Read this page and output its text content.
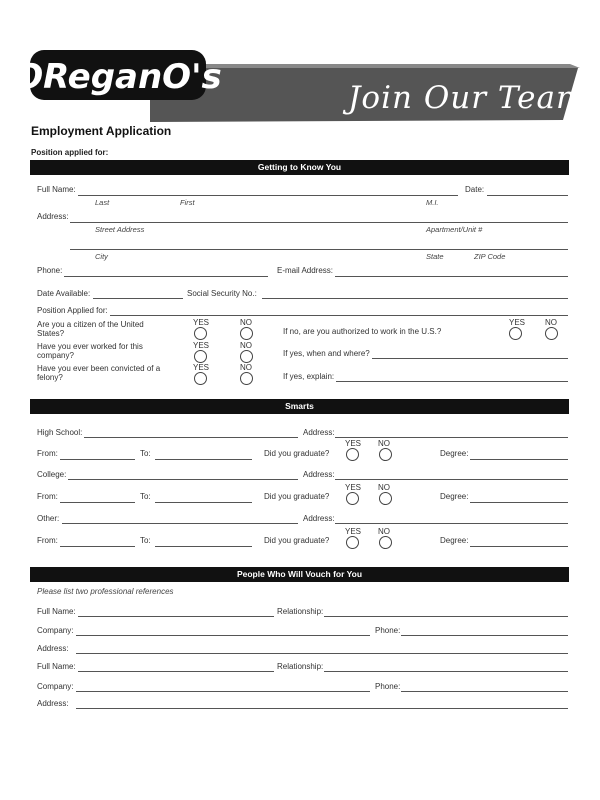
OReganO's
Join Our Team
Employment Application
Position applied for:
Getting to Know You
Full Name:	Date:
Last	First	M.I.
Address:
Street Address	Apartment/Unit #
City	State	ZIP Code
Phone:	E-mail Address:
Date Available:	Social Security No.:
Position Applied for:
Are you a citizen of the United States?
YES	NO
If no, are you authorized to work in the U.S.?
YES NO
Have you ever worked for this company?
YES	NO
If yes, when and where?
Have you ever been convicted of a felony?
YES	NO
If yes, explain:
Smarts
High School:	Address:
From:	To:	Did you graduate?
YES NO
Degree:
College:	Address:
From:	To:	Did you graduate?
YES NO
Degree:
Other:	Address:
From:	To:	Did you graduate?
YES NO
Degree:
People Who Will Vouch for You
Please list two professional references
Full Name:	Relationship:
Company:	Phone:
Address:
Full Name:	Relationship:
Company:	Phone:
Address:
